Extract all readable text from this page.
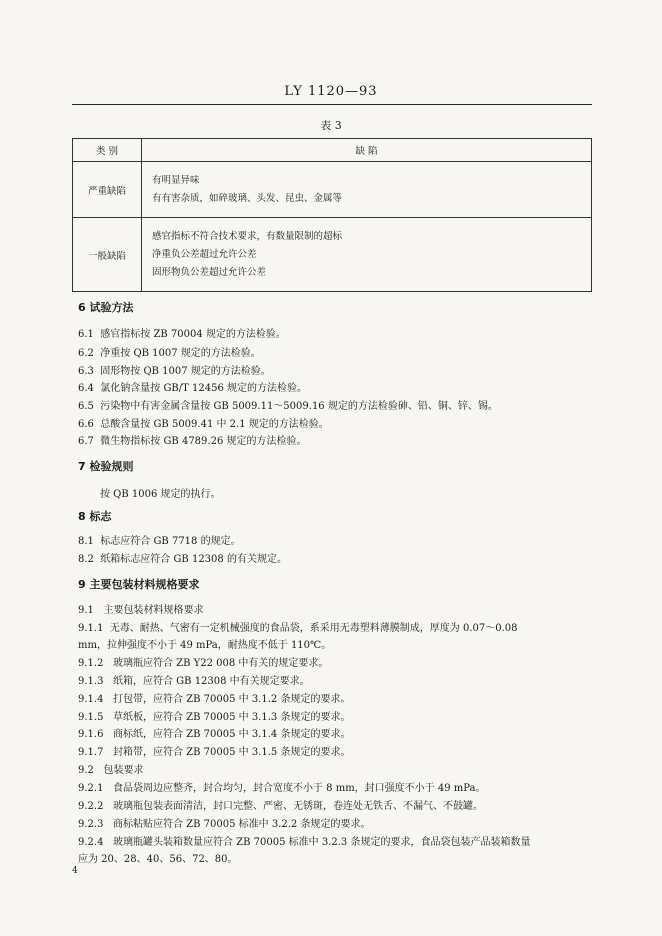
LY 1120—93
表 3
类 别	缺 陷
严重缺陷	有明显异味
有有害杂质，如碎玻璃、头发、昆虫、金属等

一般缺陷	感官指标不符合技术要求，有数量限制的超标
净重负公差超过允许公差
固形物负公差超过允许公差
6 试验方法
6.1 感官指标按 ZB 70004 规定的方法检验。
6.2 净重按 QB 1007 规定的方法检验。
6.3 固形物按 QB 1007 规定的方法检验。
6.4 氯化钠含量按 GB/T 12456 规定的方法检验。
6.5 污染物中有害金属含量按 GB 5009.11～5009.16 规定的方法检验砷、铅、铜、锌、锡。
6.6 总酸含量按 GB 5009.41 中 2.1 规定的方法检验。
6.7 微生物指标按 GB 4789.26 规定的方法检验。
7 检验规则
按 QB 1006 规定的执行。
8 标志
8.1 标志应符合 GB 7718 的规定。
8.2 纸箱标志应符合 GB 12308 的有关规定。
9 主要包装材料规格要求
9.1 主要包装材料规格要求
9.1.1 无毒、耐热、气密有一定机械强度的食品袋，系采用无毒塑料薄膜制成，厚度为 0.07～0.08
mm，拉伸强度不小于 49 mPa，耐热度不低于 110℃。
9.1.2 玻璃瓶应符合 ZB Y22 008 中有关的规定要求。
9.1.3 纸箱，应符合 GB 12308 中有关规定要求。
9.1.4 打包带，应符合 ZB 70005 中 3.1.2 条规定的要求。
9.1.5 草纸板，应符合 ZB 70005 中 3.1.3 条规定的要求。
9.1.6 商标纸，应符合 ZB 70005 中 3.1.4 条规定的要求。
9.1.7 封箱带，应符合 ZB 70005 中 3.1.5 条规定的要求。
9.2 包装要求
9.2.1 食品袋周边应整齐，封合均匀，封合宽度不小于 8 mm，封口强度不小于 49 mPa。
9.2.2 玻璃瓶包装表面清洁，封口完整、严密、无锈斑，卷连处无铁舌、不漏气、不鼓罐。
9.2.3 商标粘贴应符合 ZB 70005 标准中 3.2.2 条规定的要求。
9.2.4 玻璃瓶罐头装箱数量应符合 ZB 70005 标准中 3.2.3 条规定的要求，食品袋包装产品装箱数量
应为 20、28、40、56、72、80。
4
